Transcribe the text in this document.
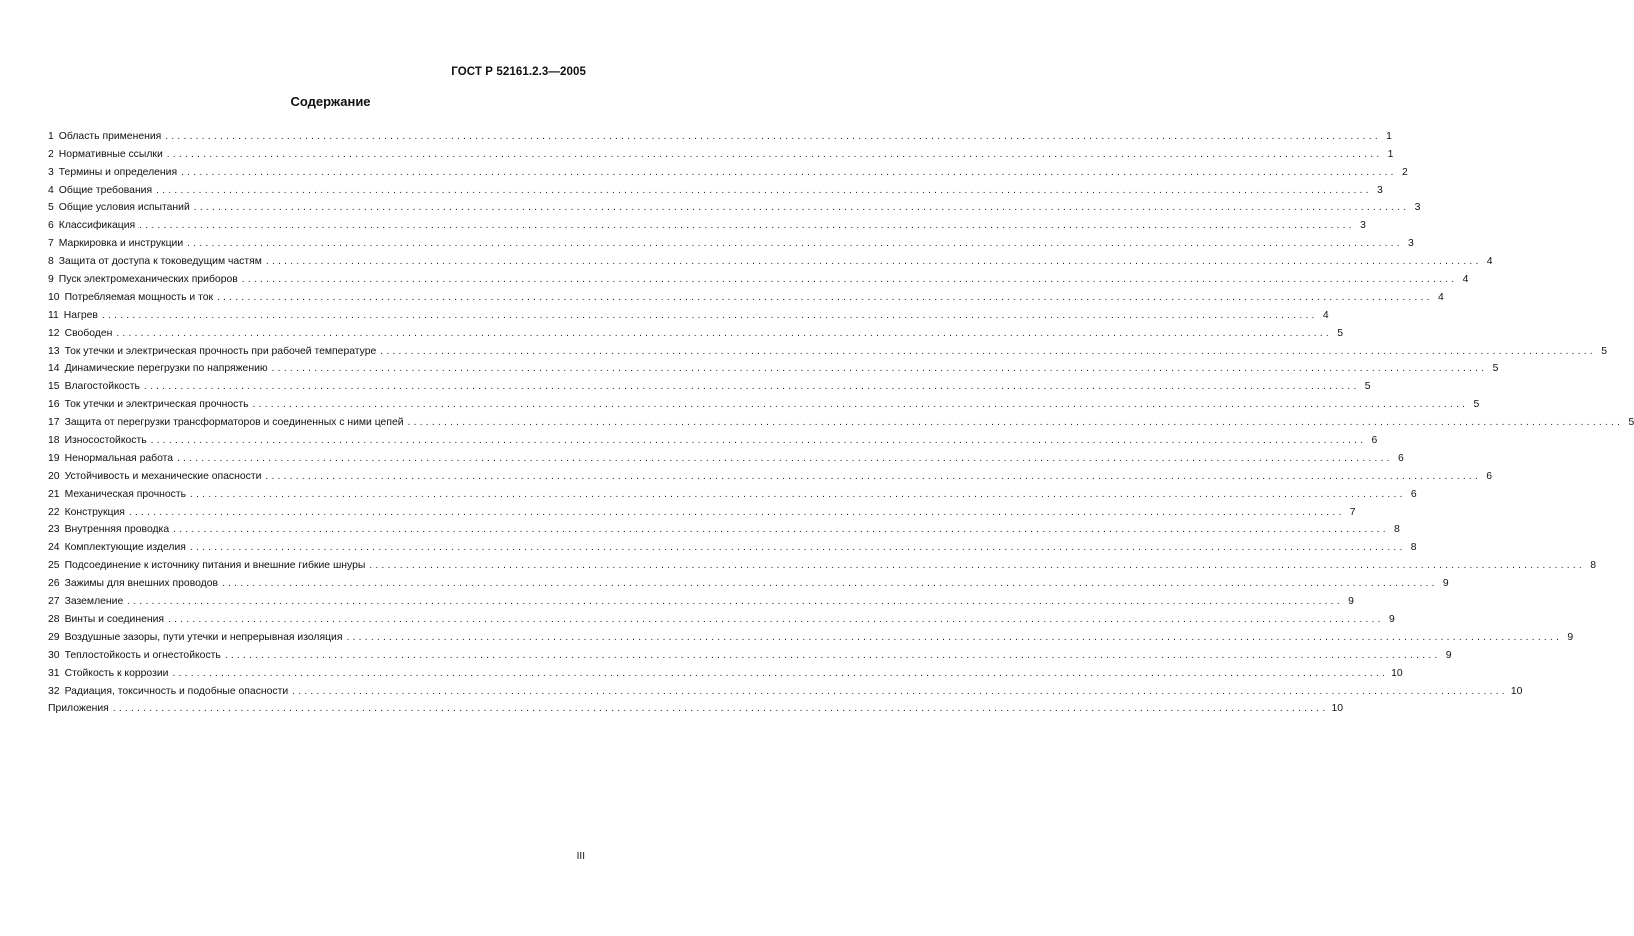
ГОСТ Р 52161.2.3—2005
Содержание
1 Область применения ........................................................................................................................................................................................................ 1
2 Нормативные ссылки ........................................................................................................................................................................................................ 1
3 Термины и определения ........................................................................................................................................................................................................ 2
4 Общие требования ........................................................................................................................................................................................................ 3
5 Общие условия испытаний ........................................................................................................................................................................................................ 3
6 Классификация ........................................................................................................................................................................................................ 3
7 Маркировка и инструкции ........................................................................................................................................................................................................ 3
8 Защита от доступа к токоведущим частям ........................................................................................................................................................................................................ 4
9 Пуск электромеханических приборов ........................................................................................................................................................................................................ 4
10 Потребляемая мощность и ток ........................................................................................................................................................................................................ 4
11 Нагрев ........................................................................................................................................................................................................ 4
12 Свободен ........................................................................................................................................................................................................ 5
13 Ток утечки и электрическая прочность при рабочей температуре ........................................................................................................................................................................................................ 5
14 Динамические перегрузки по напряжению ........................................................................................................................................................................................................ 5
15 Влагостойкость ........................................................................................................................................................................................................ 5
16 Ток утечки и электрическая прочность ........................................................................................................................................................................................................ 5
17 Защита от перегрузки трансформаторов и соединенных с ними цепей ........................................................................................................................................................................................................ 5
18 Износостойкость ........................................................................................................................................................................................................ 6
19 Ненормальная работа ........................................................................................................................................................................................................ 6
20 Устойчивость и механические опасности ........................................................................................................................................................................................................ 6
21 Механическая прочность ........................................................................................................................................................................................................ 6
22 Конструкция ........................................................................................................................................................................................................ 7
23 Внутренняя проводка ........................................................................................................................................................................................................ 8
24 Комплектующие изделия ........................................................................................................................................................................................................ 8
25 Подсоединение к источнику питания и внешние гибкие шнуры ........................................................................................................................................................................................................ 8
26 Зажимы для внешних проводов ........................................................................................................................................................................................................ 9
27 Заземление ........................................................................................................................................................................................................ 9
28 Винты и соединения ........................................................................................................................................................................................................ 9
29 Воздушные зазоры, пути утечки и непрерывная изоляция ........................................................................................................................................................................................................ 9
30 Теплостойкость и огнестойкость ........................................................................................................................................................................................................ 9
31 Стойкость к коррозии ........................................................................................................................................................................................................ 10
32 Радиация, токсичность и подобные опасности ........................................................................................................................................................................................................ 10
Приложения ........................................................................................................................................................................................................ 10
III
